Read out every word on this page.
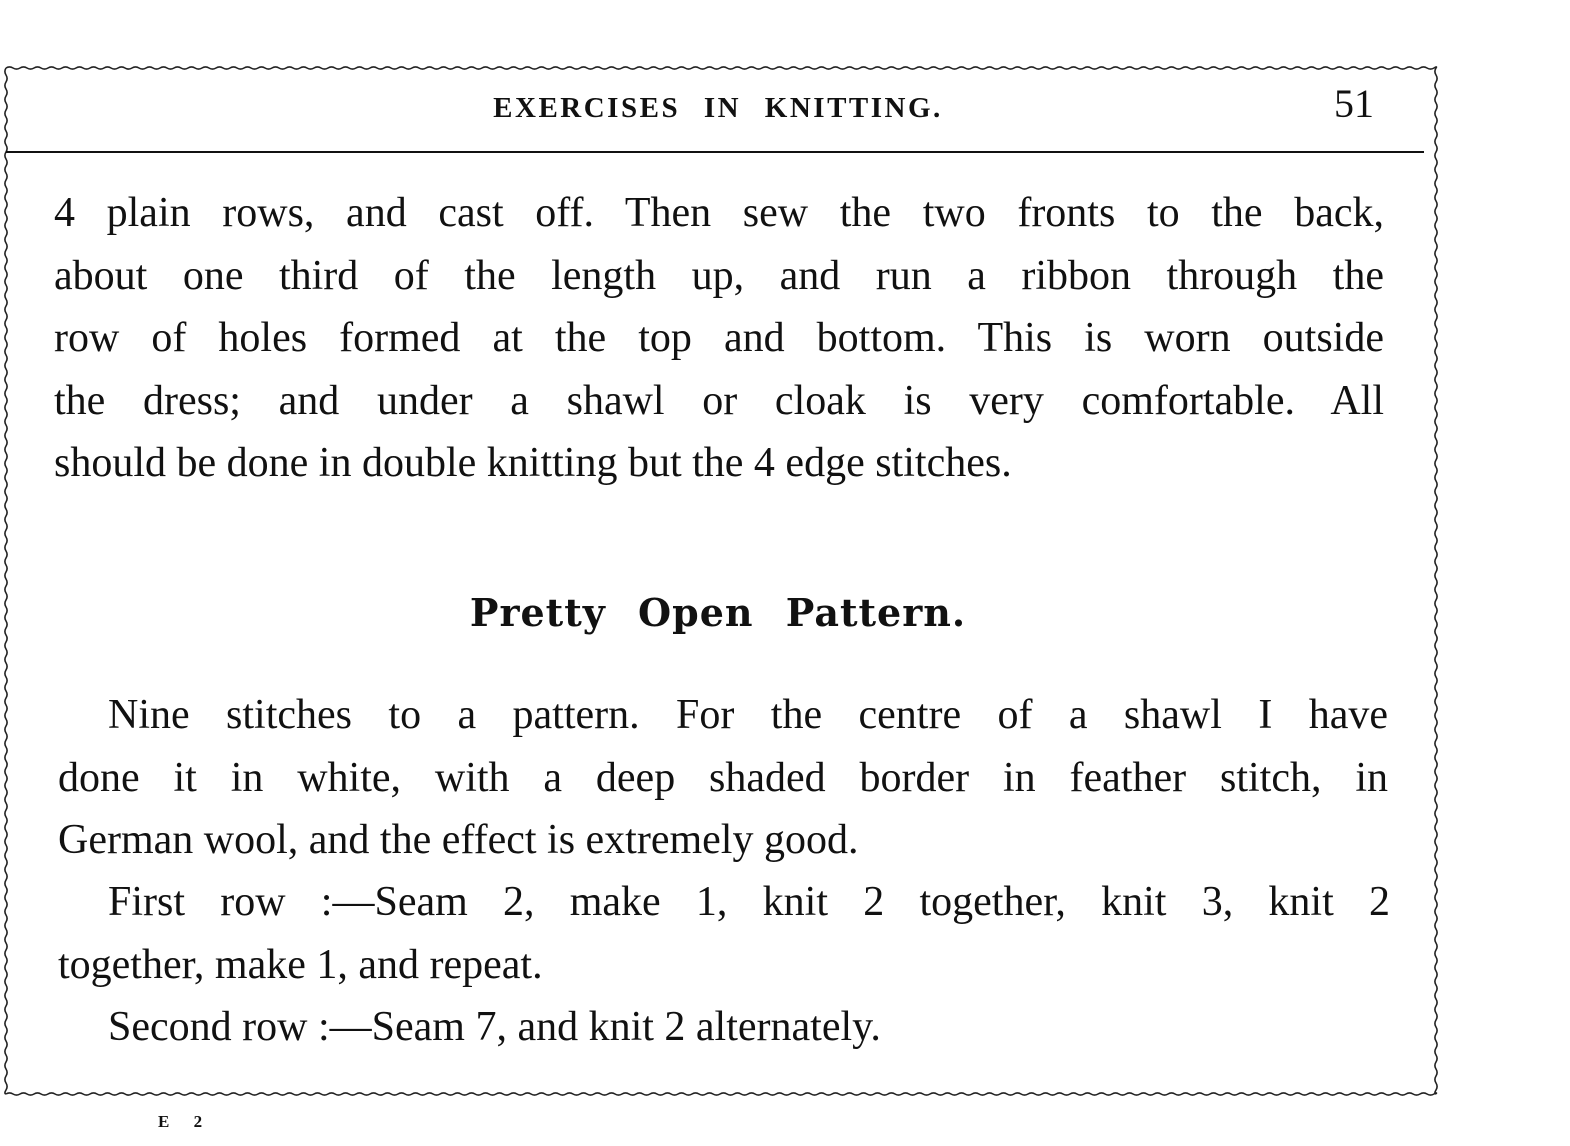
EXERCISES IN KNITTING.	51
4 plain rows, and cast off. Then sew the two fronts to the back,
about one third of the length up, and run a ribbon through the
row of holes formed at the top and bottom. This is worn outside
the dress; and under a shawl or cloak is very comfortable. All
should be done in double knitting but the 4 edge stitches.
Pretty Open Pattern.
Nine stitches to a pattern. For the centre of a shawl I have
done it in white, with a deep shaded border in feather stitch, in
German wool, and the effect is extremely good.
First row :—Seam 2, make 1, knit 2 together, knit 3, knit 2
together, make 1, and repeat.
Second row :—Seam 7, and knit 2 alternately.
E 2
